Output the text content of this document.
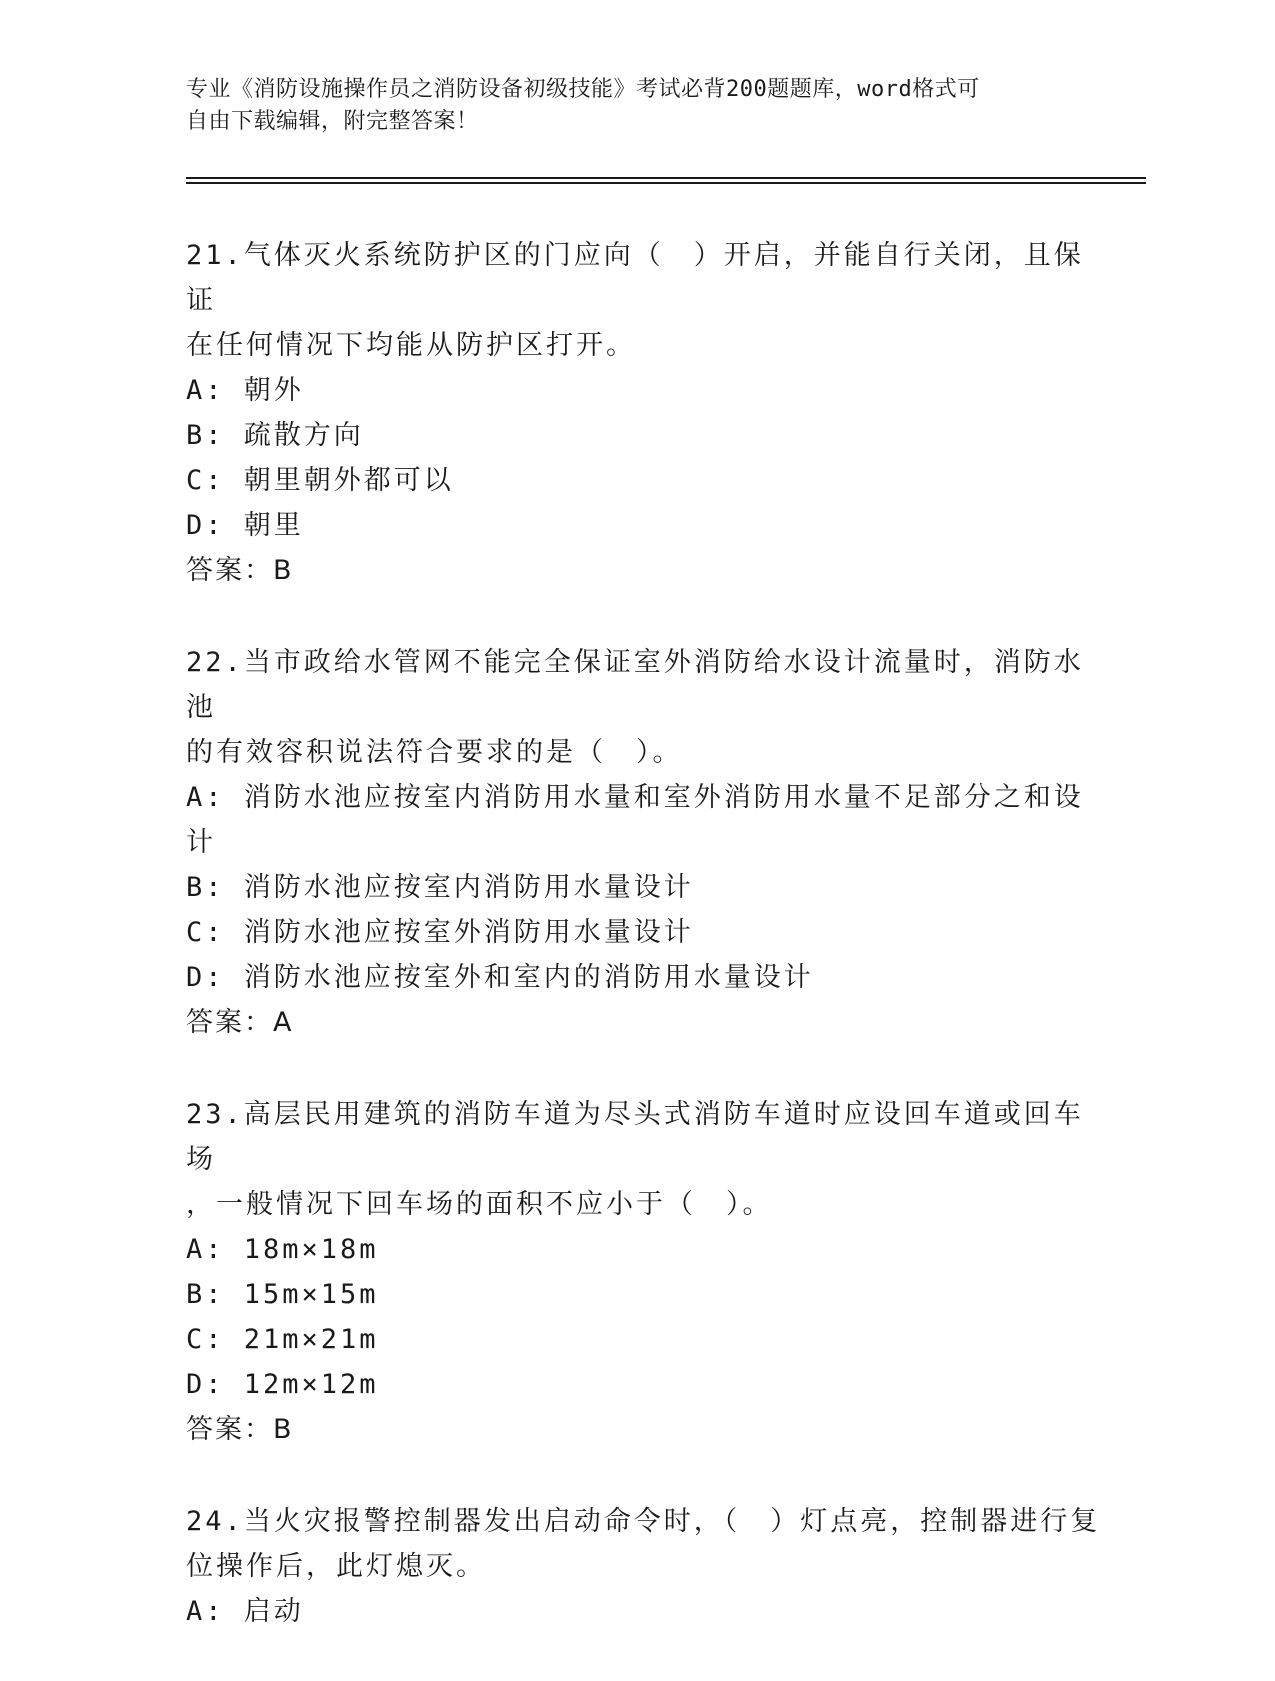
专业《消防设施操作员之消防设备初级技能》考试必背200题题库，word格式可
自由下载编辑，附完整答案！

21.气体灭火系统防护区的门应向（　）开启，并能自行关闭，且保证

在任何情况下均能从防护区打开。

A: 朝外

B: 疏散方向

C: 朝里朝外都可以

D: 朝里

答案：B

22.当市政给水管网不能完全保证室外消防给水设计流量时，消防水池

的有效容积说法符合要求的是（　）。

A: 消防水池应按室内消防用水量和室外消防用水量不足部分之和设计

B: 消防水池应按室内消防用水量设计

C: 消防水池应按室外消防用水量设计

D: 消防水池应按室外和室内的消防用水量设计

答案：A

23.高层民用建筑的消防车道为尽头式消防车道时应设回车道或回车场

，一般情况下回车场的面积不应小于（　）。

A: 18m×18m

B: 15m×15m

C: 21m×21m

D: 12m×12m

答案：B

24.当火灾报警控制器发出启动命令时，（　）灯点亮，控制器进行复

位操作后，此灯熄灭。

A: 启动
